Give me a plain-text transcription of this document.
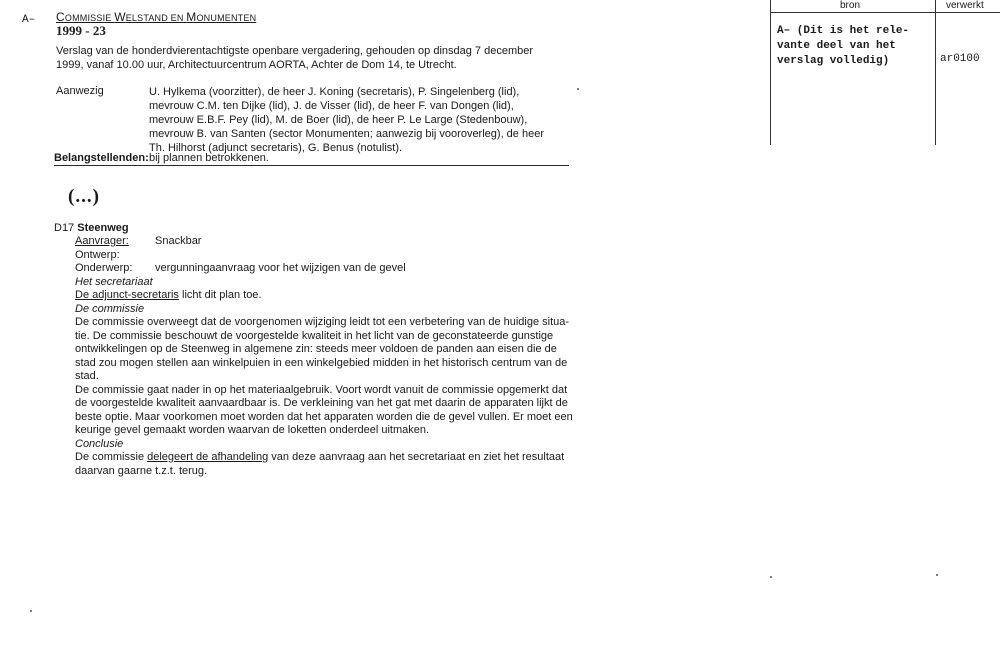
A– COMMISSIE WELSTAND EN MONUMENTEN
1999 - 23
Verslag van de honderdvierentachtigste openbare vergadering, gehouden op dinsdag 7 december
1999, vanaf 10.00 uur, Architectuurcentrum AORTA, Achter de Dom 14, te Utrecht.
Aanwezig	U. Hylkema (voorzitter), de heer J. Koning (secretaris), P. Singelenberg (lid),
mevrouw C.M. ten Dijke (lid), J. de Visser (lid), de heer F. van Dongen (lid),
mevrouw E.B.F. Pey (lid), M. de Boer (lid), de heer P. Le Large (Stedenbouw),
mevrouw B. van Santen (sector Monumenten; aanwezig bij vooroverleg), de heer
Th. Hilhorst (adjunct secretaris), G. Benus (notulist).
Belangstellenden: bij plannen betrokkenen.
(...)
D17 Steenweg
Aanvrager: Snackbar
Ontwerp:
Onderwerp: vergunningaanvraag voor het wijzigen van de gevel
Het secretariaat
De adjunct-secretaris licht dit plan toe.
De commissie
De commissie overweegt dat de voorgenomen wijziging leidt tot een verbetering van de huidige situa-
tie. De commissie beschouwt de voorgestelde kwaliteit in het licht van de geconstateerde gunstige
ontwikkelingen op de Steenweg in algemene zin: steeds meer voldoen de panden aan eisen die de
stad zou mogen stellen aan winkelpuien in een winkelgebied midden in het historisch centrum van de
stad.
De commissie gaat nader in op het materiaalgebruik. Voort wordt vanuit de commissie opgemerkt dat
de voorgestelde kwaliteit aanvaardbaar is. De verkleining van het gat met daarin de apparaten lijkt de
beste optie. Maar voorkomen moet worden dat het apparaten worden die de gevel vullen. Er moet een
keurige gevel gemaakt worden waarvan de loketten onderdeel uitmaken.
Conclusie
De commissie delegeert de afhandeling van deze aanvraag aan het secretariaat en ziet het resultaat
daarvan gaarne t.z.t. terug.
bron	verwerkt
A– (Dit is het rele-
vante deel van het
verslag volledig)	ar0100
